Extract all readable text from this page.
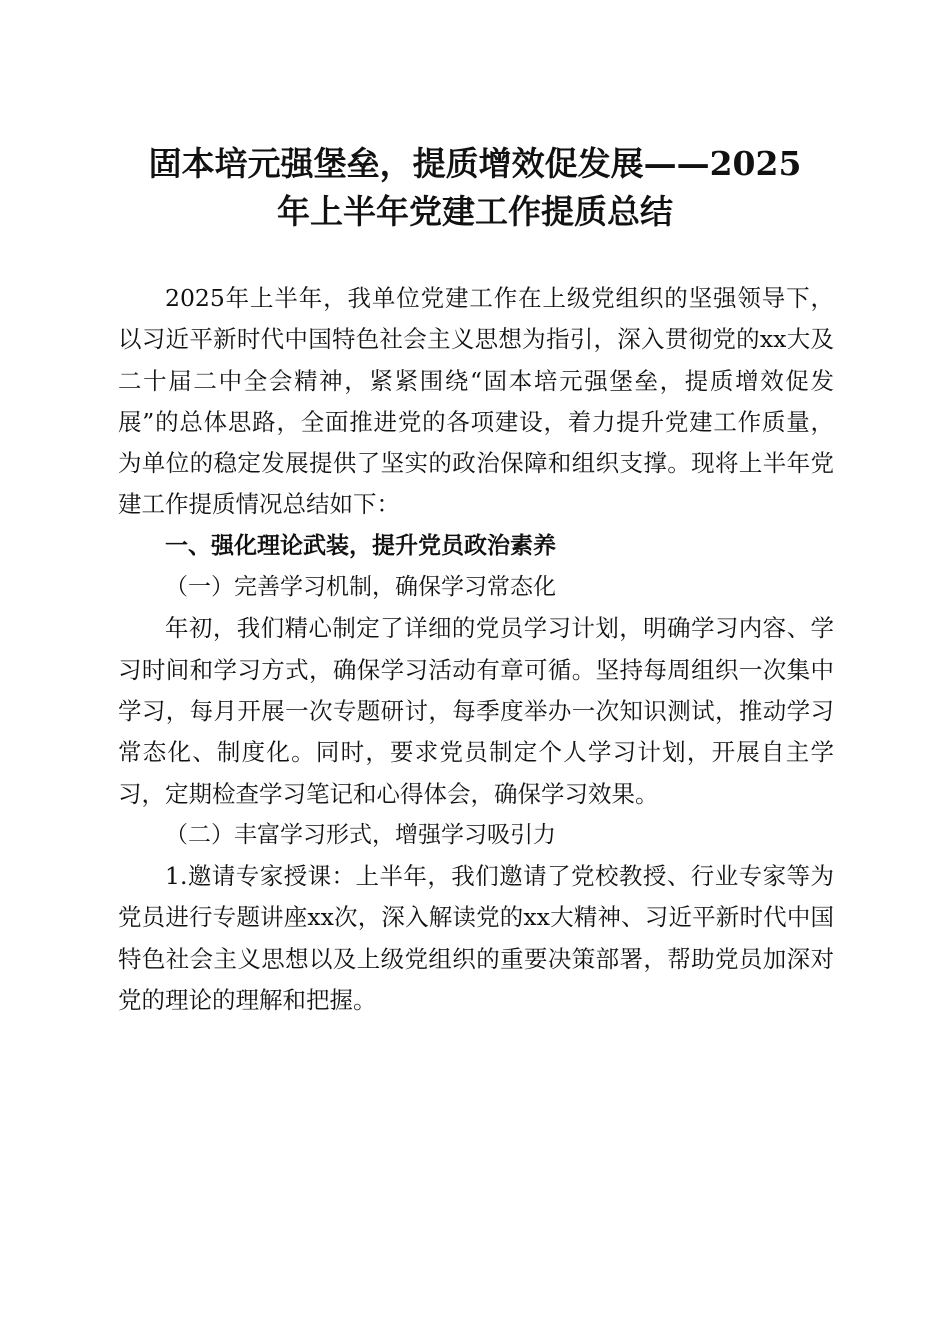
固本培元强堡垒，提质增效促发展——2025
年上半年党建工作提质总结

2025年上半年，我单位党建工作在上级党组织的坚强领导下，以习近平新时代中国特色社会主义思想为指引，深入贯彻党的xx大及二十届二中全会精神，紧紧围绕“固本培元强堡垒，提质增效促发展”的总体思路，全面推进党的各项建设，着力提升党建工作质量，为单位的稳定发展提供了坚实的政治保障和组织支撑。现将上半年党建工作提质情况总结如下：

一、强化理论武装，提升党员政治素养

（一）完善学习机制，确保学习常态化

年初，我们精心制定了详细的党员学习计划，明确学习内容、学习时间和学习方式，确保学习活动有章可循。坚持每周组织一次集中学习，每月开展一次专题研讨，每季度举办一次知识测试，推动学习常态化、制度化。同时，要求党员制定个人学习计划，开展自主学习，定期检查学习笔记和心得体会，确保学习效果。

（二）丰富学习形式，增强学习吸引力

1.邀请专家授课：上半年，我们邀请了党校教授、行业专家等为党员进行专题讲座xx次，深入解读党的xx大精神、习近平新时代中国特色社会主义思想以及上级党组织的重要决策部署，帮助党员加深对党的理论的理解和把握。
